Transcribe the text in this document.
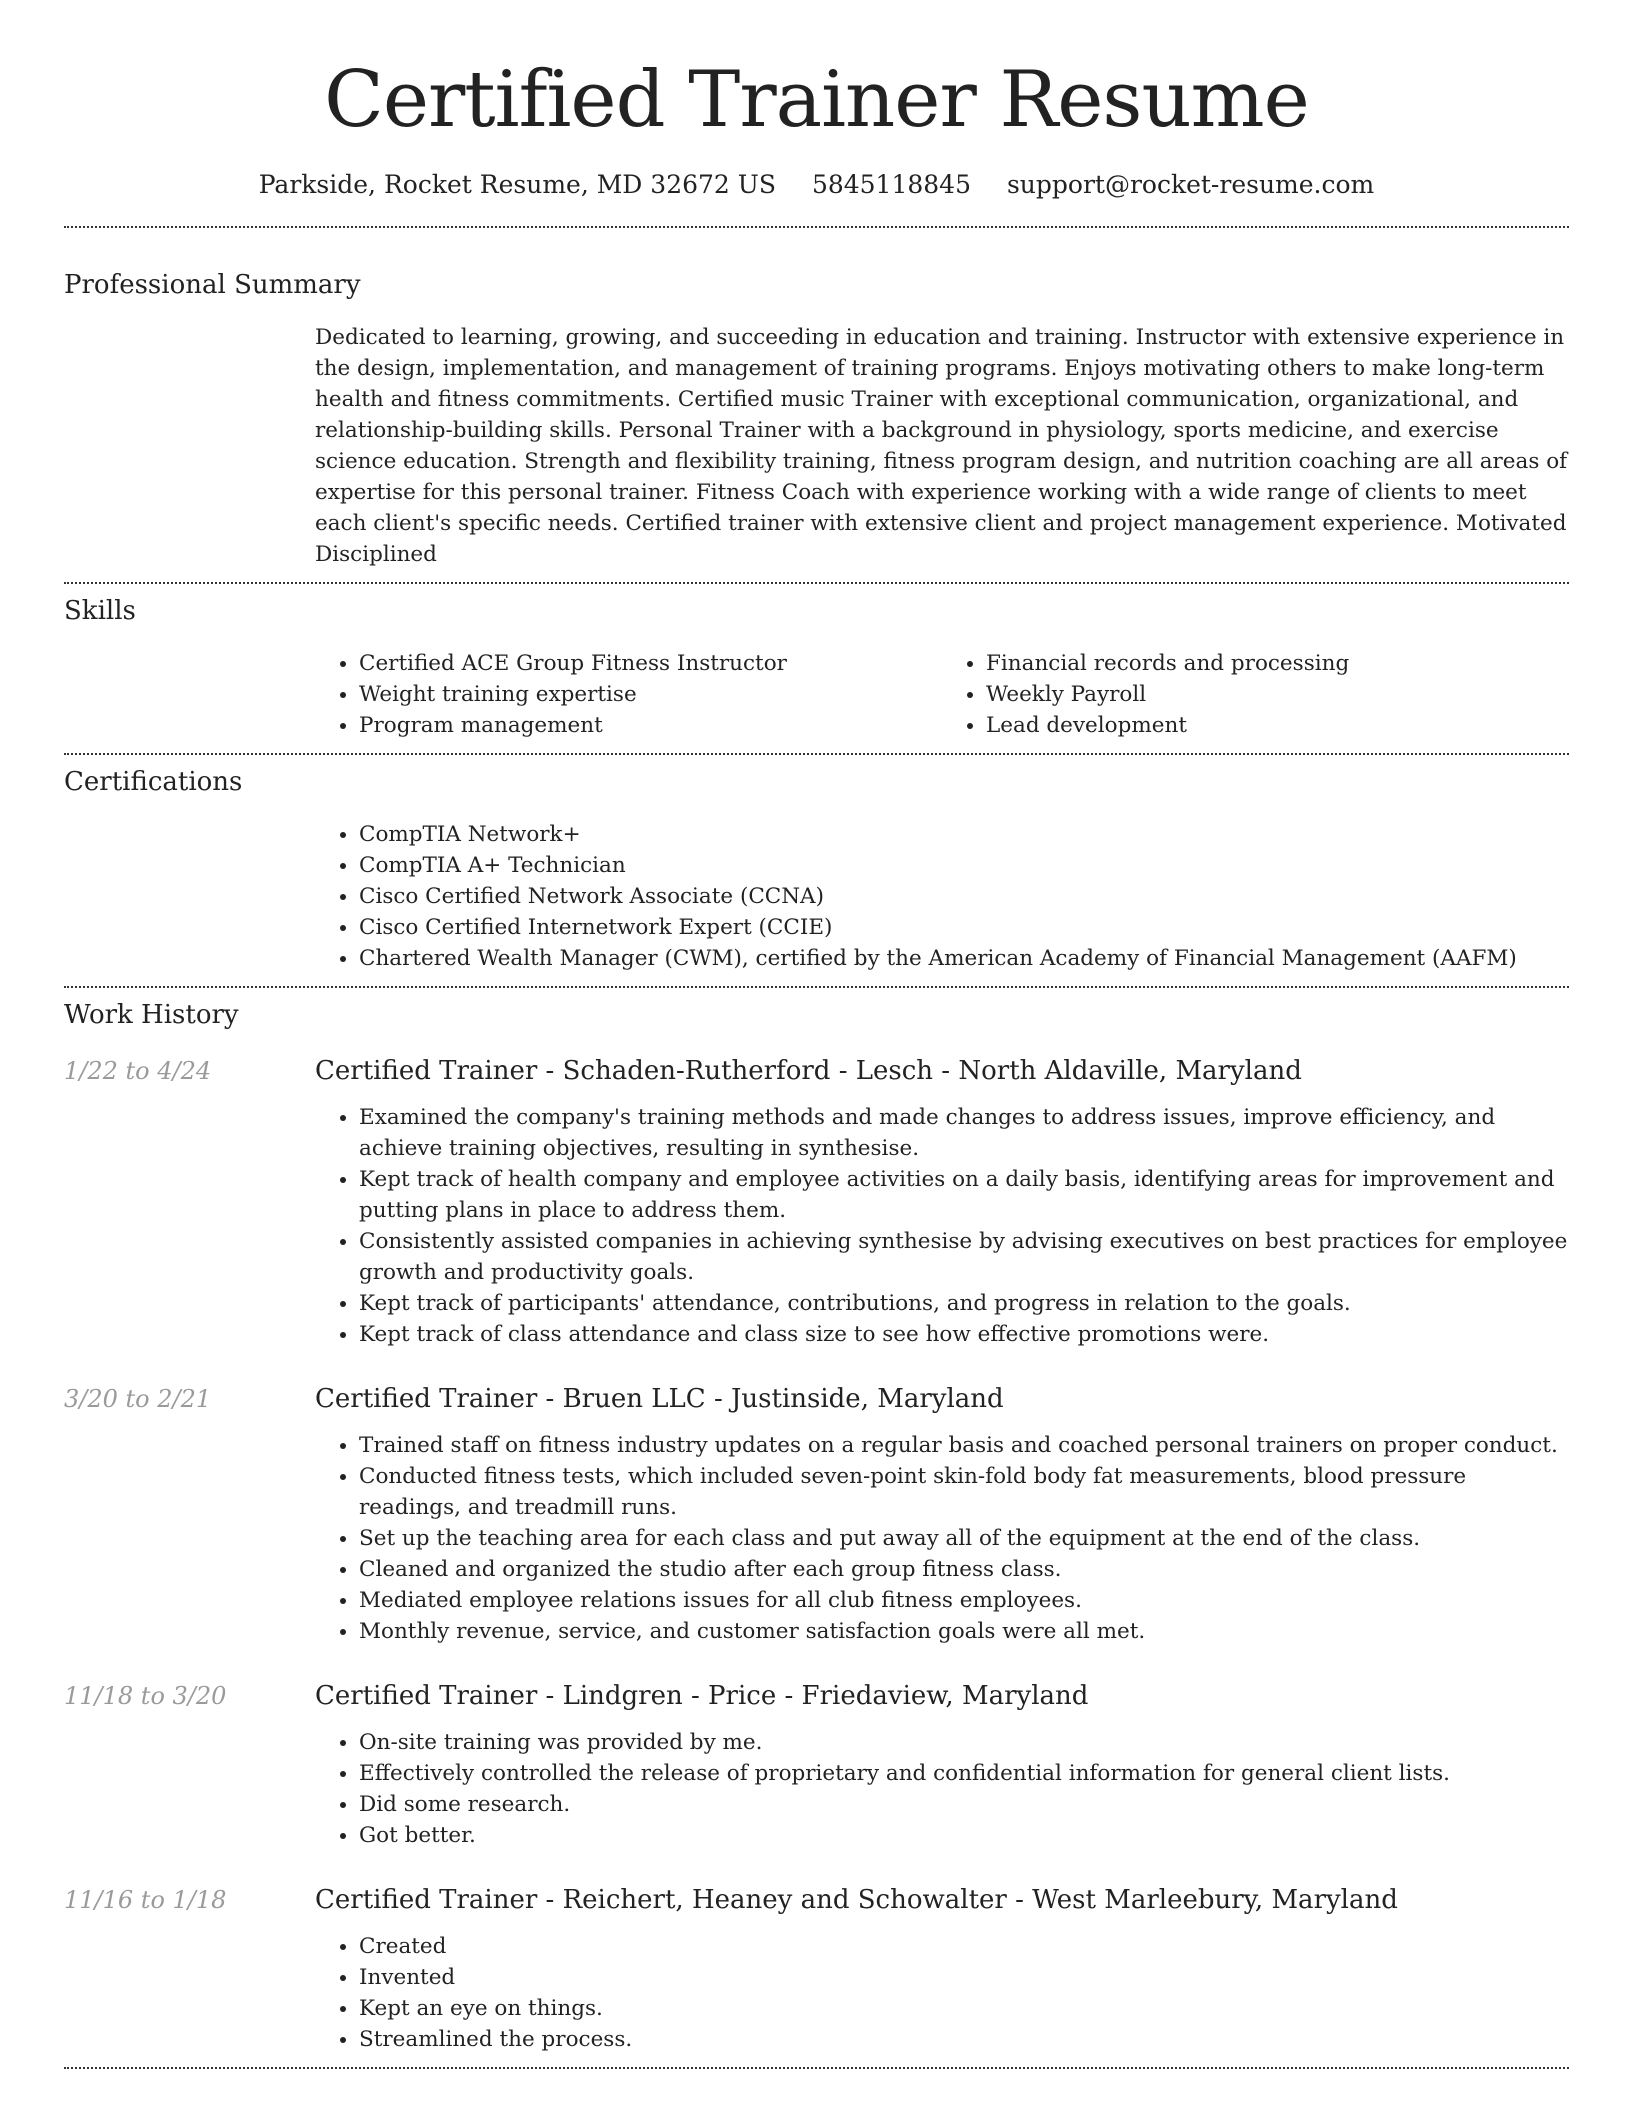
Certified Trainer Resume
Parkside, Rocket Resume, MD 32672 US 5845118845 support@rocket-resume.com
Professional Summary
Dedicated to learning, growing, and succeeding in education and training. Instructor with extensive experience in the design, implementation, and management of training programs. Enjoys motivating others to make long-term health and fitness commitments. Certified music Trainer with exceptional communication, organizational, and relationship-building skills. Personal Trainer with a background in physiology, sports medicine, and exercise science education. Strength and flexibility training, fitness program design, and nutrition coaching are all areas of expertise for this personal trainer. Fitness Coach with experience working with a wide range of clients to meet each client's specific needs. Certified trainer with extensive client and project management experience. Motivated Disciplined
Skills
• Certified ACE Group Fitness Instructor
• Weight training expertise
• Program management
• Financial records and processing
• Weekly Payroll
• Lead development
Certifications
• CompTIA Network+
• CompTIA A+ Technician
• Cisco Certified Network Associate (CCNA)
• Cisco Certified Internetwork Expert (CCIE)
• Chartered Wealth Manager (CWM), certified by the American Academy of Financial Management (AAFM)
Work History
1/22 to 4/24	Certified Trainer - Schaden-Rutherford - Lesch - North Aldaville, Maryland
• Examined the company's training methods and made changes to address issues, improve efficiency, and achieve training objectives, resulting in synthesise.
• Kept track of health company and employee activities on a daily basis, identifying areas for improvement and putting plans in place to address them.
• Consistently assisted companies in achieving synthesise by advising executives on best practices for employee growth and productivity goals.
• Kept track of participants' attendance, contributions, and progress in relation to the goals.
• Kept track of class attendance and class size to see how effective promotions were.
3/20 to 2/21	Certified Trainer - Bruen LLC - Justinside, Maryland
• Trained staff on fitness industry updates on a regular basis and coached personal trainers on proper conduct.
• Conducted fitness tests, which included seven-point skin-fold body fat measurements, blood pressure readings, and treadmill runs.
• Set up the teaching area for each class and put away all of the equipment at the end of the class.
• Cleaned and organized the studio after each group fitness class.
• Mediated employee relations issues for all club fitness employees.
• Monthly revenue, service, and customer satisfaction goals were all met.
11/18 to 3/20	Certified Trainer - Lindgren - Price - Friedaview, Maryland
• On-site training was provided by me.
• Effectively controlled the release of proprietary and confidential information for general client lists.
• Did some research.
• Got better.
11/16 to 1/18	Certified Trainer - Reichert, Heaney and Schowalter - West Marleebury, Maryland
• Created
• Invented
• Kept an eye on things.
• Streamlined the process.
